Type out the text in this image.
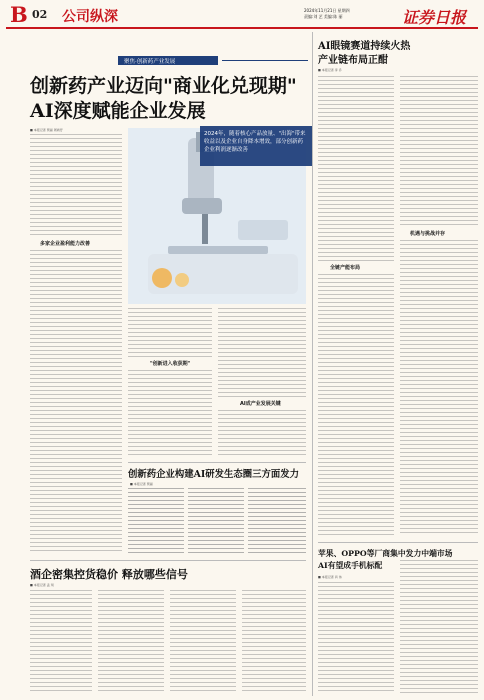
B 02 公司纵深	2024年11月21日 星期四
责编:刘 艺 美编:陈 丽	证券日报
聚焦·创新药产业发展
创新药产业迈向"商业化兑现期"
AI深度赋能企业发展
■ 本报记者 贾丽 周尚伃
多家企业盈利能力改善
2024年，随着核心产品放量、"出海"带来收益以及企业自身降本增效，部分创新药企业利润逐渐改善
"创新进入收获期"
AI成产业发展关键
创新药企业构建AI研发生态圈三方面发力
■ 本报记者 贾丽
酒企密集控货稳价 释放哪些信号
■ 本报记者 孟 珂
AI眼镜赛道持续火热
产业链布局正酣
■ 本报记者 李 乔
全链产能布局
机遇与挑战并存
苹果、OPPO等厂商集中发力中端市场
AI有望成手机标配
■ 本报记者 肖 伟
